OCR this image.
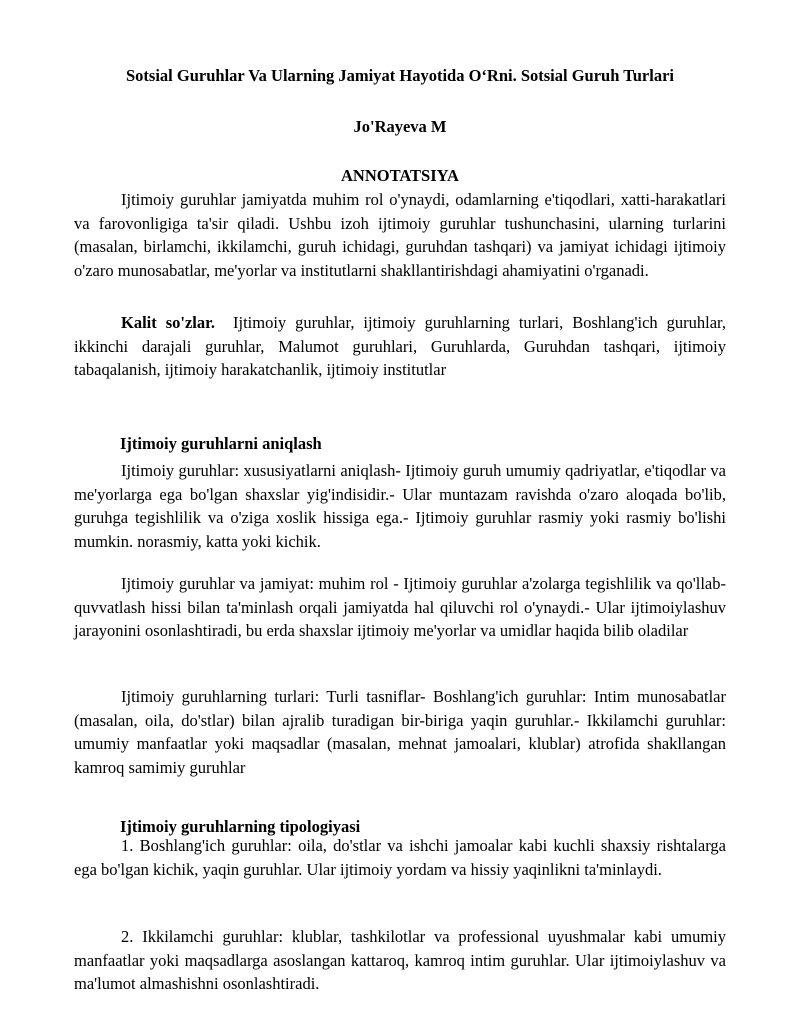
Sotsial Guruhlar Va Ularning Jamiyat Hayotida O‘Rni. Sotsial Guruh Turlari
Jo'Rayeva M
ANNOTATSIYA

Ijtimoiy guruhlar jamiyatda muhim rol o'ynaydi, odamlarning e'tiqodlari, xatti-harakatlari va farovonligiga ta'sir qiladi. Ushbu izoh ijtimoiy guruhlar tushunchasini, ularning turlarini (masalan, birlamchi, ikkilamchi, guruh ichidagi, guruhdan tashqari) va jamiyat ichidagi ijtimoiy o'zaro munosabatlar, me'yorlar va institutlarni shakllantirishdagi ahamiyatini o'rganadi.

Kalit so'zlar. Ijtimoiy guruhlar, ijtimoiy guruhlarning turlari, Boshlang'ich guruhlar, ikkinchi darajali guruhlar, Malumot guruhlari, Guruhlarda, Guruhdan tashqari, ijtimoiy tabaqalanish, ijtimoiy harakatchanlik, ijtimoiy institutlar

Ijtimoiy guruhlarni aniqlash

Ijtimoiy guruhlar: xususiyatlarni aniqlash- Ijtimoiy guruh umumiy qadriyatlar, e'tiqodlar va me'yorlarga ega bo'lgan shaxslar yig'indisidir.- Ular muntazam ravishda o'zaro aloqada bo'lib, guruhga tegishlilik va o'ziga xoslik hissiga ega.- Ijtimoiy guruhlar rasmiy yoki rasmiy bo'lishi mumkin. norasmiy, katta yoki kichik.

Ijtimoiy guruhlar va jamiyat: muhim rol - Ijtimoiy guruhlar a'zolarga tegishlilik va qo'llab-quvvatlash hissi bilan ta'minlash orqali jamiyatda hal qiluvchi rol o'ynaydi.- Ular ijtimoiylashuv jarayonini osonlashtiradi, bu erda shaxslar ijtimoiy me'yorlar va umidlar haqida bilib oladilar

Ijtimoiy guruhlarning turlari: Turli tasniflar- Boshlang'ich guruhlar: Intim munosabatlar (masalan, oila, do'stlar) bilan ajralib turadigan bir-biriga yaqin guruhlar.- Ikkilamchi guruhlar: umumiy manfaatlar yoki maqsadlar (masalan, mehnat jamoalari, klublar) atrofida shakllangan kamroq samimiy guruhlar

Ijtimoiy guruhlarning tipologiyasi

1. Boshlang'ich guruhlar: oila, do'stlar va ishchi jamoalar kabi kuchli shaxsiy rishtalarga ega bo'lgan kichik, yaqin guruhlar. Ular ijtimoiy yordam va hissiy yaqinlikni ta'minlaydi.

2. Ikkilamchi guruhlar: klublar, tashkilotlar va professional uyushmalar kabi umumiy manfaatlar yoki maqsadlarga asoslangan kattaroq, kamroq intim guruhlar. Ular ijtimoiylashuv va ma'lumot almashishni osonlashtiradi.
